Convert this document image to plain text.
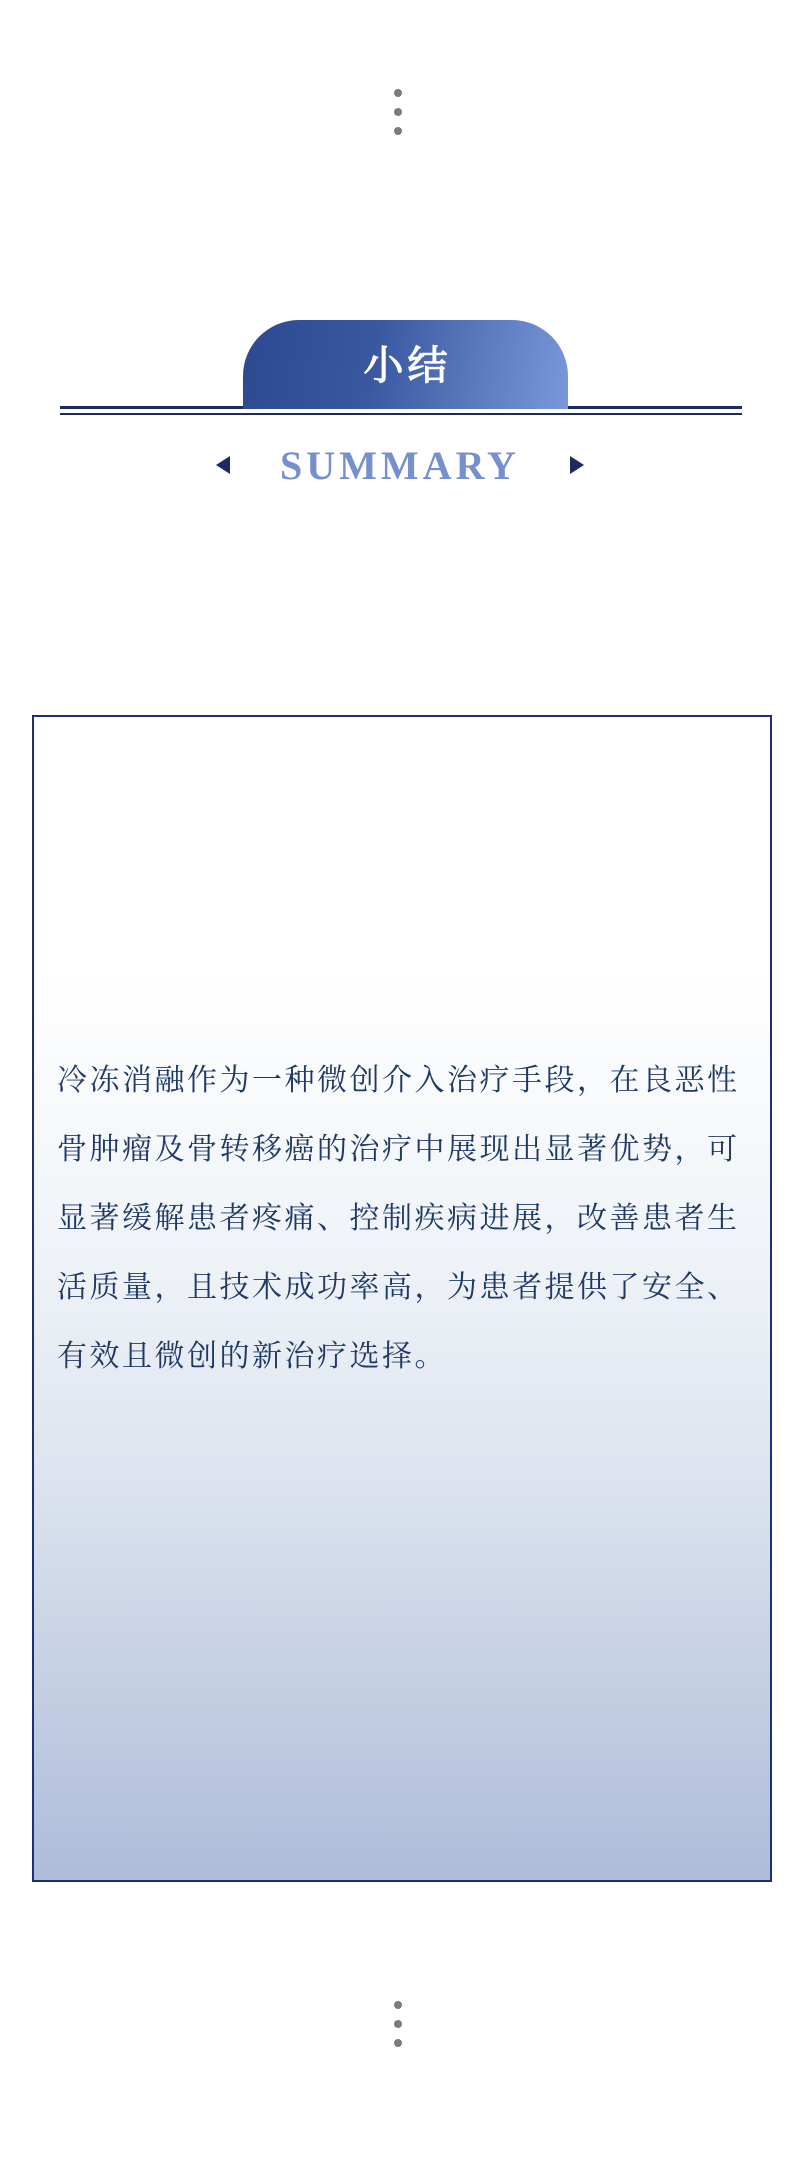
小结
SUMMARY
冷冻消融作为一种微创介入治疗手段，在良恶性
骨肿瘤及骨转移癌的治疗中展现出显著优势，可
显著缓解患者疼痛、控制疾病进展，改善患者生
活质量，且技术成功率高，为患者提供了安全、
有效且微创的新治疗选择。
